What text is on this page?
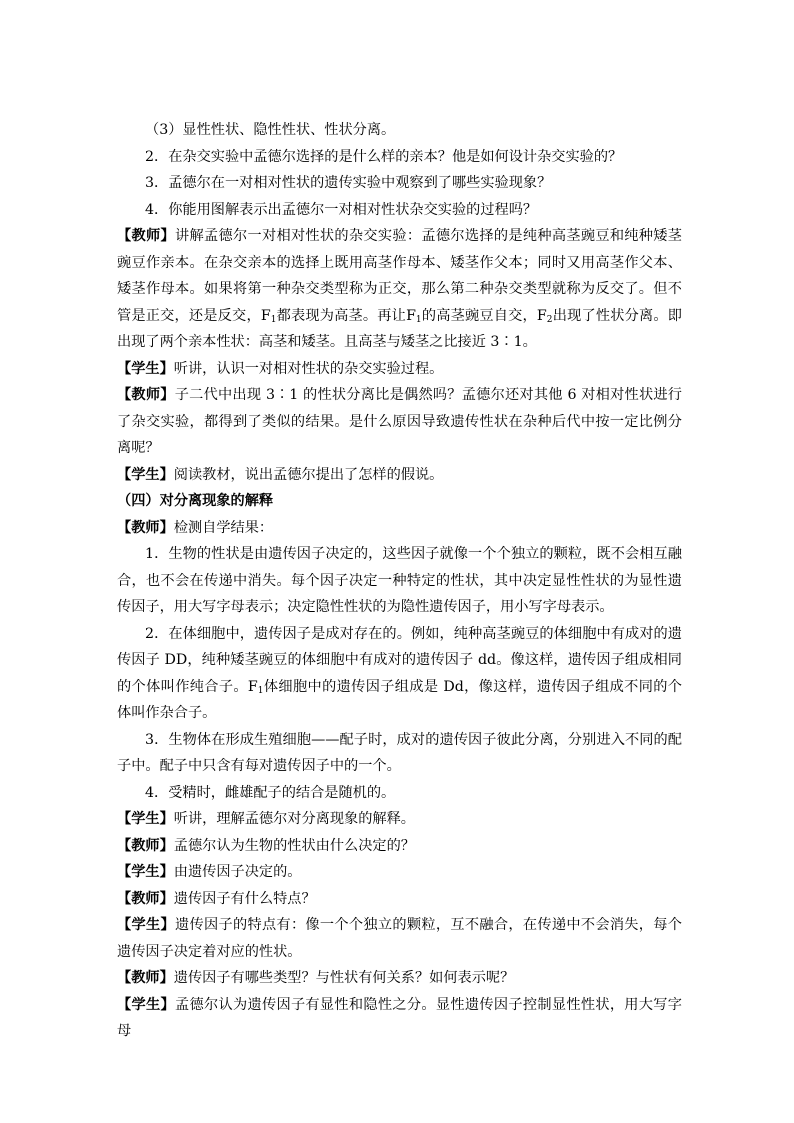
（3）显性性状、隐性性状、性状分离。

2．在杂交实验中孟德尔选择的是什么样的亲本？他是如何设计杂交实验的？

3．孟德尔在一对相对性状的遗传实验中观察到了哪些实验现象？

4．你能用图解表示出孟德尔一对相对性状杂交实验的过程吗？

【教师】讲解孟德尔一对相对性状的杂交实验：孟德尔选择的是纯种高茎豌豆和纯种矮茎豌豆作亲本。在杂交亲本的选择上既用高茎作母本、矮茎作父本；同时又用高茎作父本、矮茎作母本。如果将第一种杂交类型称为正交，那么第二种杂交类型就称为反交了。但不管是正交，还是反交，$F_1$都表现为高茎。再让$F_1$的高茎豌豆自交，$F_2$出现了性状分离。即出现了两个亲本性状：高茎和矮茎。且高茎与矮茎之比接近 3∶1。

【学生】听讲，认识一对相对性状的杂交实验过程。

【教师】子二代中出现 3∶1 的性状分离比是偶然吗？孟德尔还对其他 6 对相对性状进行了杂交实验，都得到了类似的结果。是什么原因导致遗传性状在杂种后代中按一定比例分离呢？

【学生】阅读教材，说出孟德尔提出了怎样的假说。

（四）对分离现象的解释

【教师】检测自学结果：

1．生物的性状是由遗传因子决定的，这些因子就像一个个独立的颗粒，既不会相互融合，也不会在传递中消失。每个因子决定一种特定的性状，其中决定显性性状的为显性遗传因子，用大写字母表示；决定隐性性状的为隐性遗传因子，用小写字母表示。

2．在体细胞中，遗传因子是成对存在的。例如，纯种高茎豌豆的体细胞中有成对的遗传因子 DD，纯种矮茎豌豆的体细胞中有成对的遗传因子 dd。像这样，遗传因子组成相同的个体叫作纯合子。$F_1$体细胞中的遗传因子组成是 Dd，像这样，遗传因子组成不同的个体叫作杂合子。

3．生物体在形成生殖细胞——配子时，成对的遗传因子彼此分离，分别进入不同的配子中。配子中只含有每对遗传因子中的一个。

4．受精时，雌雄配子的结合是随机的。

【学生】听讲，理解孟德尔对分离现象的解释。

【教师】孟德尔认为生物的性状由什么决定的？

【学生】由遗传因子决定的。

【教师】遗传因子有什么特点？

【学生】遗传因子的特点有：像一个个独立的颗粒，互不融合，在传递中不会消失，每个遗传因子决定着对应的性状。

【教师】遗传因子有哪些类型？与性状有何关系？如何表示呢？

【学生】孟德尔认为遗传因子有显性和隐性之分。显性遗传因子控制显性性状，用大写字母
